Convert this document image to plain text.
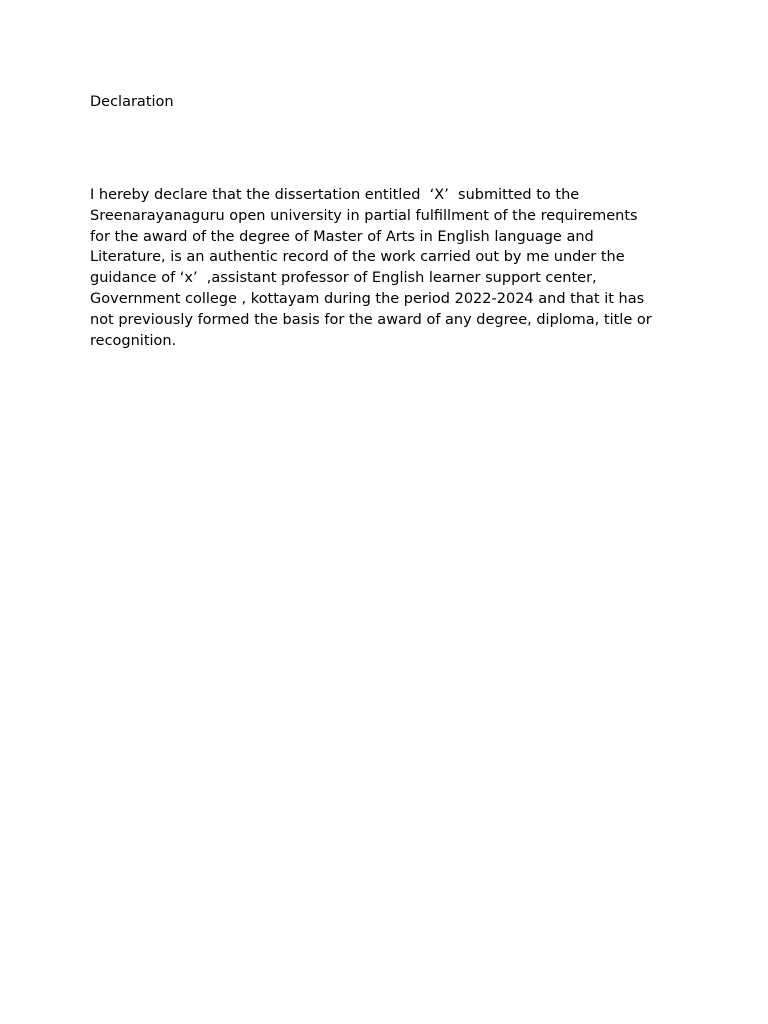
Declaration

I hereby declare that the dissertation entitled  ‘X’  submitted to the
Sreenarayanaguru open university in partial fulfillment of the requirements
for the award of the degree of Master of Arts in English language and
Literature, is an authentic record of the work carried out by me under the
guidance of ‘x’  ,assistant professor of English learner support center,
Government college , kottayam during the period 2022-2024 and that it has
not previously formed the basis for the award of any degree, diploma, title or
recognition.
